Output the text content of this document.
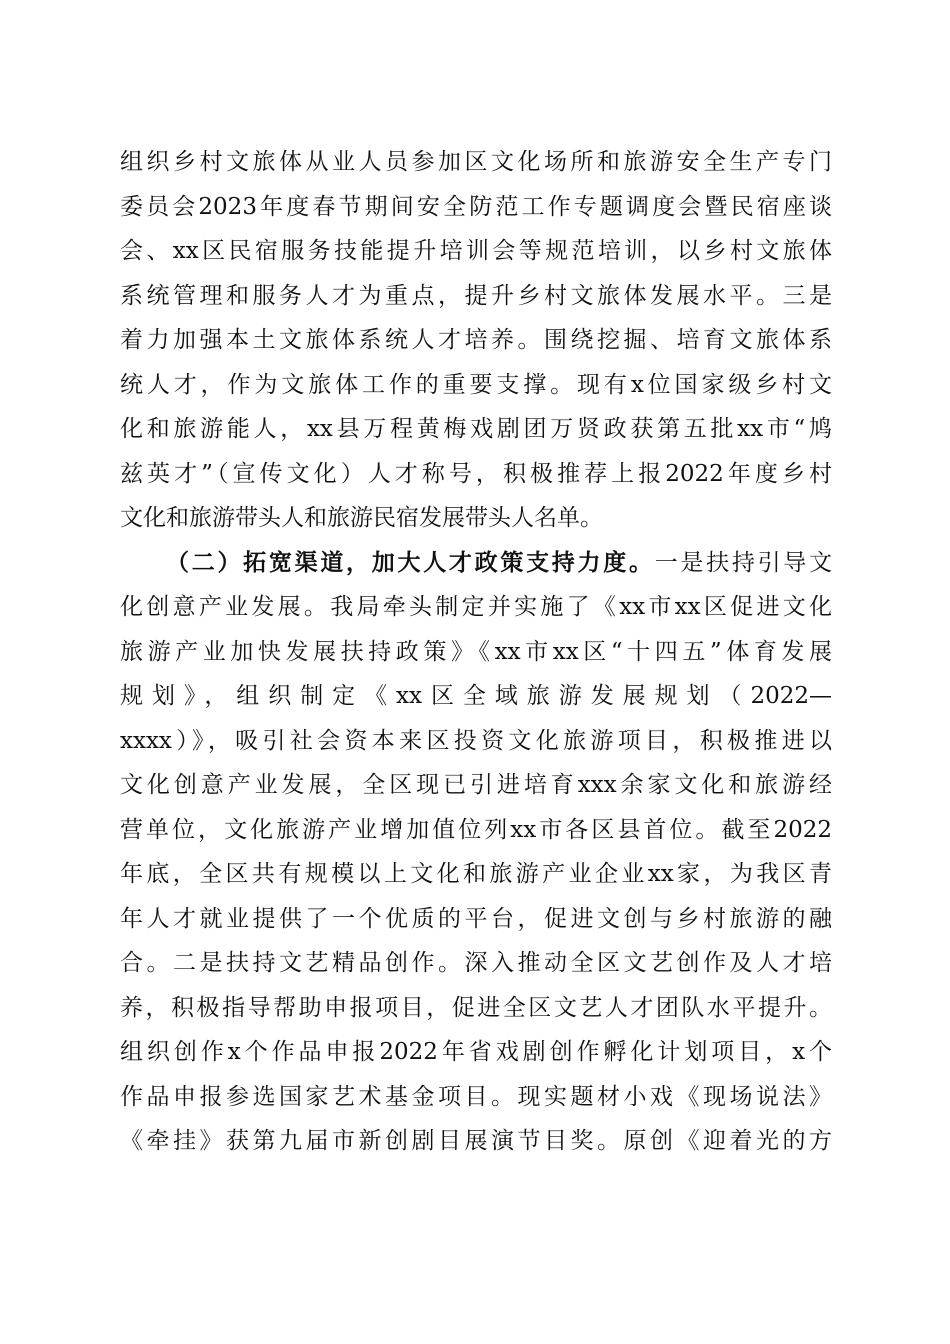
组织乡村文旅体从业人员参加区文化场所和旅游安全生产专门
委员会2023年度春节期间安全防范工作专题调度会暨民宿座谈
会、xx区民宿服务技能提升培训会等规范培训，以乡村文旅体
系统管理和服务人才为重点，提升乡村文旅体发展水平。三是
着力加强本土文旅体系统人才培养。围绕挖掘、培育文旅体系
统人才，作为文旅体工作的重要支撑。现有x位国家级乡村文
化和旅游能人，xx县万程黄梅戏剧团万贤政获第五批xx市“鸠
兹英才”（宣传文化）人才称号，积极推荐上报2022年度乡村
文化和旅游带头人和旅游民宿发展带头人名单。
（二）拓宽渠道，加大人才政策支持力度。一是扶持引导文
化创意产业发展。我局牵头制定并实施了《xx市xx区促进文化
旅游产业加快发展扶持政策》《xx市xx区“十四五”体育发展
规划》，组织制定《xx区全域旅游发展规划（2022—
xxxx）》，吸引社会资本来区投资文化旅游项目，积极推进以
文化创意产业发展，全区现已引进培育xxx余家文化和旅游经
营单位，文化旅游产业增加值位列xx市各区县首位。截至2022
年底，全区共有规模以上文化和旅游产业企业xx家，为我区青
年人才就业提供了一个优质的平台，促进文创与乡村旅游的融
合。二是扶持文艺精品创作。深入推动全区文艺创作及人才培
养，积极指导帮助申报项目，促进全区文艺人才团队水平提升。
组织创作x个作品申报2022年省戏剧创作孵化计划项目，x个
作品申报参选国家艺术基金项目。现实题材小戏《现场说法》
《牵挂》获第九届市新创剧目展演节目奖。原创《迎着光的方
